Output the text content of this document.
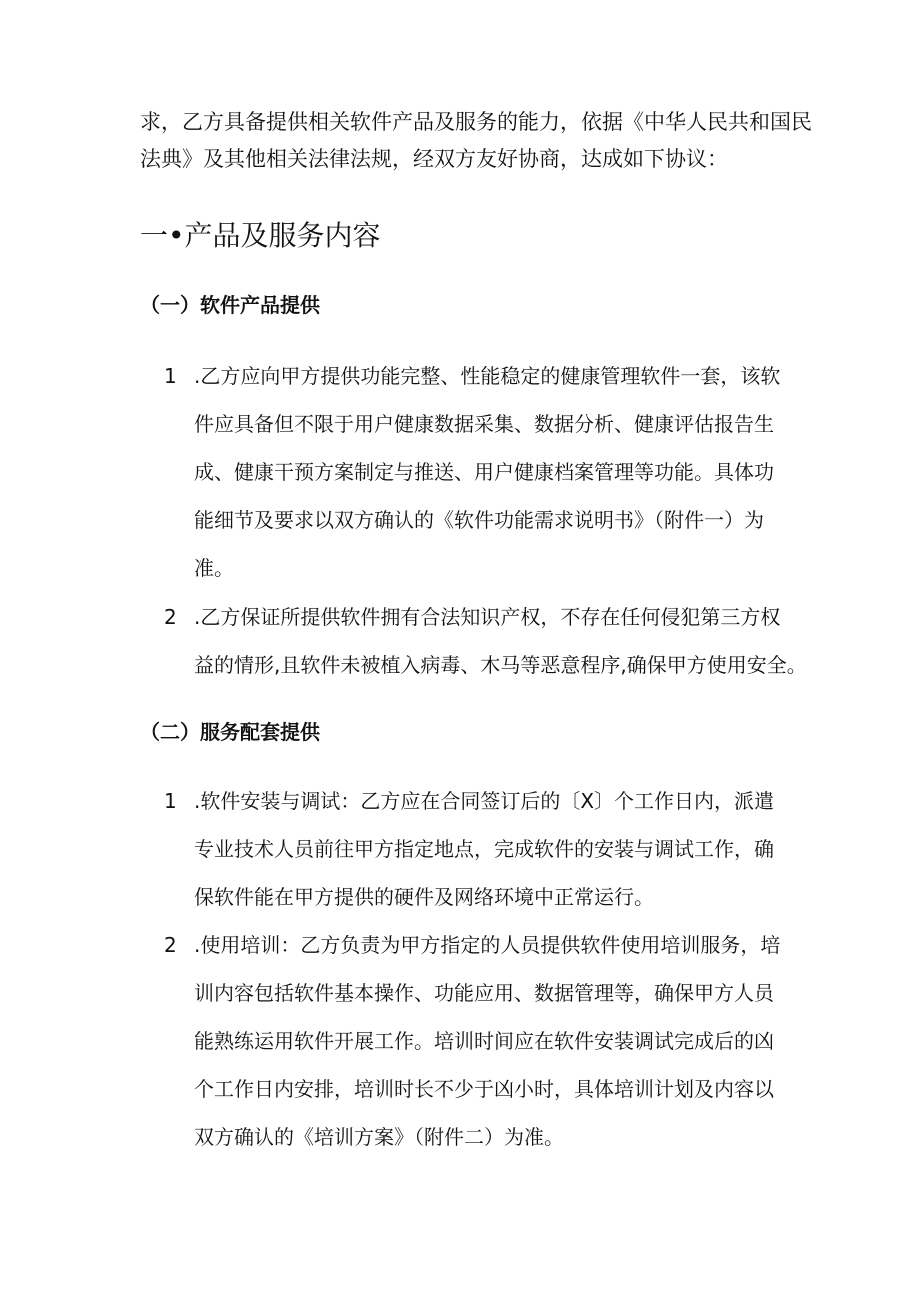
求，乙方具备提供相关软件产品及服务的能力，依据《中华人民共和国民
法典》及其他相关法律法规，经双方友好协商，达成如下协议：
一•产品及服务内容
（一）软件产品提供
1 .乙方应向甲方提供功能完整、性能稳定的健康管理软件一套，该软
件应具备但不限于用户健康数据采集、数据分析、健康评估报告生
成、健康干预方案制定与推送、用户健康档案管理等功能。具体功
能细节及要求以双方确认的《软件功能需求说明书》（附件一）为
准。
2 .乙方保证所提供软件拥有合法知识产权，不存在任何侵犯第三方权
益的情形,且软件未被植入病毒、木马等恶意程序,确保甲方使用安全。
（二）服务配套提供
1 .软件安装与调试：乙方应在合同签订后的〔X〕个工作日内，派遣
专业技术人员前往甲方指定地点，完成软件的安装与调试工作，确
保软件能在甲方提供的硬件及网络环境中正常运行。
2 .使用培训：乙方负责为甲方指定的人员提供软件使用培训服务，培
训内容包括软件基本操作、功能应用、数据管理等，确保甲方人员
能熟练运用软件开展工作。培训时间应在软件安装调试完成后的凶
个工作日内安排，培训时长不少于凶小时，具体培训计划及内容以
双方确认的《培训方案》（附件二）为准。
